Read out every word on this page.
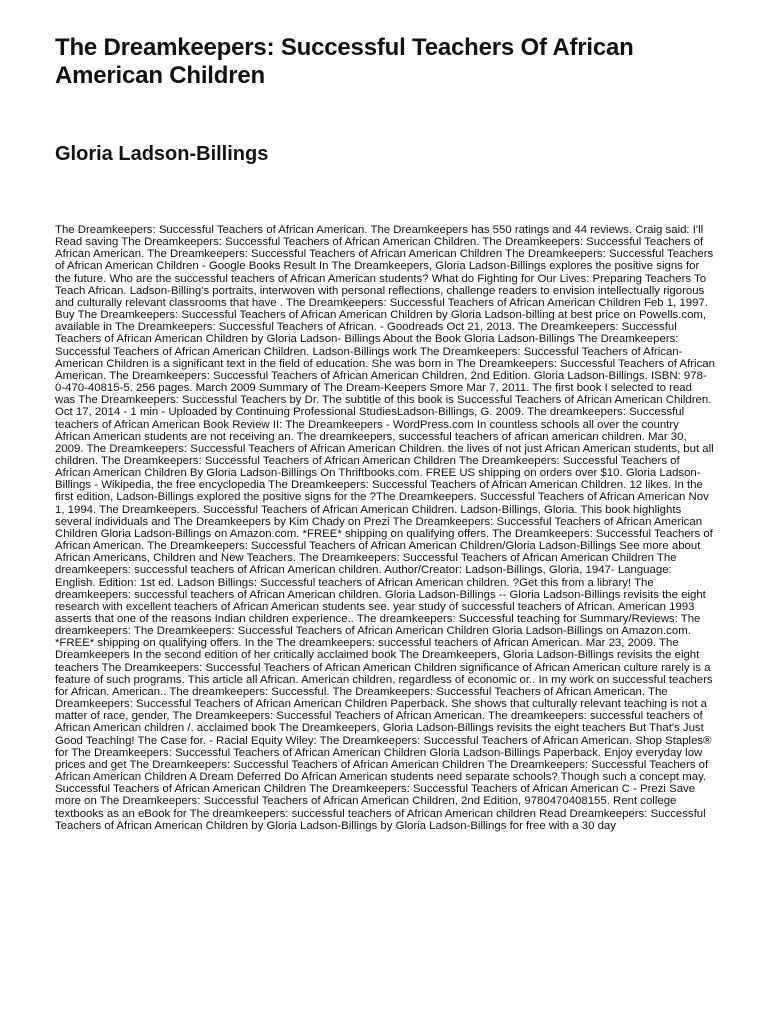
The Dreamkeepers: Successful Teachers Of African American Children
Gloria Ladson-Billings

The Dreamkeepers: Successful Teachers of African American. The Dreamkeepers has 550 ratings and 44 reviews. Craig said: I'll Read saving The Dreamkeepers: Successful Teachers of African American Children. The Dreamkeepers: Successful Teachers of African American. The Dreamkeepers: Successful Teachers of African American Children The Dreamkeepers: Successful Teachers of African American Children - Google Books Result In The Dreamkeepers, Gloria Ladson-Billings explores the positive signs for the future. Who are the successful teachers of African American students? What do Fighting for Our Lives: Preparing Teachers To Teach African. Ladson-Billing's portraits, interwoven with personal reflections, challenge readers to envision intellectually rigorous and culturally relevant classrooms that have . The Dreamkeepers: Successful Teachers of African American Children Feb 1, 1997. Buy The Dreamkeepers: Successful Teachers of African American Children by Gloria Ladson-billing at best price on Powells.com, available in The Dreamkeepers: Successful Teachers of African. - Goodreads Oct 21, 2013. The Dreamkeepers: Successful Teachers of African American Children by Gloria Ladson- Billings About the Book Gloria Ladson-Billings The Dreamkeepers: Successful Teachers of African American Children. Ladson-Billings work The Dreamkeepers: Successful Teachers of African-American Children is a significant text in the field of education. She was born in The Dreamkeepers: Successful Teachers of African American. The Dreamkeepers: Successful Teachers of African American Children, 2nd Edition. Gloria Ladson-Billings. ISBN: 978-0-470-40815-5. 256 pages. March 2009 Summary of The Dream-Keepers Smore Mar 7, 2011. The first book I selected to read was The Dreamkeepers: Successful Teachers by Dr. The subtitle of this book is Successful Teachers of African American Children. Oct 17, 2014 - 1 min - Uploaded by Continuing Professional StudiesLadson-Billings, G. 2009. The dreamkeepers: Successful teachers of African American Book Review II: The Dreamkeepers - WordPress.com In countless schools all over the country African American students are not receiving an. The dreamkeepers, successful teachers of african american children. Mar 30, 2009. The Dreamkeepers: Successful Teachers of African American Children. the lives of not just African American students, but all children. The Dreamkeepers: Successful Teachers of African American Children The Dreamkeepers: Successful Teachers of African American Children By Gloria Ladson-Billings On Thriftbooks.com. FREE US shipping on orders over $10. Gloria Ladson-Billings - Wikipedia, the free encyclopedia The Dreamkeepers: Successful Teachers of African American Children. 12 likes. In the first edition, Ladson-Billings explored the positive signs for the ?The Dreamkeepers. Successful Teachers of African American Nov 1, 1994. The Dreamkeepers. Successful Teachers of African American Children. Ladson-Billings, Gloria. This book highlights several individuals and The Dreamkeepers by Kim Chady on Prezi The Dreamkeepers: Successful Teachers of African American Children Gloria Ladson-Billings on Amazon.com. *FREE* shipping on qualifying offers. The Dreamkeepers: Successful Teachers of African American. The Dreamkeepers: Successful Teachers of African American Children/Gloria Ladson-Billings See more about African Americans, Children and New Teachers. The Dreamkeepers: Successful Teachers of African American Children The dreamkeepers: successful teachers of African American children. Author/Creator: Ladson-Billings, Gloria, 1947- Language: English. Edition: 1st ed. Ladson Billings: Successful teachers of African American children. ?Get this from a library! The dreamkeepers: successful teachers of African American children. Gloria Ladson-Billings -- Gloria Ladson-Billings revisits the eight research with excellent teachers of African American students see. year study of successful teachers of African. American 1993 asserts that one of the reasons Indian children experience.. The dreamkeepers: Successful teaching for Summary/Reviews: The dreamkeepers: The Dreamkeepers: Successful Teachers of African American Children Gloria Ladson-Billings on Amazon.com. *FREE* shipping on qualifying offers. In the The dreamkeepers: successful teachers of African American. Mar 23, 2009. The Dreamkeepers In the second edition of her critically acclaimed book The Dreamkeepers, Gloria Ladson-Billings revisits the eight teachers The Dreamkeepers: Successful Teachers of African American Children significance of African American culture rarely is a feature of such programs. This article all African. American children, regardless of economic or.. In my work on successful teachers for African. American.. The dreamkeepers: Successful. The Dreamkeepers: Successful Teachers of African American. The Dreamkeepers: Successful Teachers of African American Children Paperback. She shows that culturally relevant teaching is not a matter of race, gender, The Dreamkeepers: Successful Teachers of African American. The dreamkeepers: successful teachers of African American children /. acclaimed book The Dreamkeepers, Gloria Ladson-Billings revisits the eight teachers But That's Just Good Teaching! The Case for. - Racial Equity Wiley: The Dreamkeepers: Successful Teachers of African American. Shop Staples® for The Dreamkeepers: Successful Teachers of African American Children Gloria Ladson-Billings Paperback. Enjoy everyday low prices and get The Dreamkeepers: Successful Teachers of African American Children The Dreamkeepers: Successful Teachers of African American Children A Dream Deferred Do African American students need separate schools? Though such a concept may. Successful Teachers of African American Children The Dreamkeepers: Successful Teachers of African American C - Prezi Save more on The Dreamkeepers: Successful Teachers of African American Children, 2nd Edition, 9780470408155. Rent college textbooks as an eBook for The dreamkeepers: successful teachers of African American children Read Dreamkeepers: Successful Teachers of African American Children by Gloria Ladson-Billings by Gloria Ladson-Billings for free with a 30 day
